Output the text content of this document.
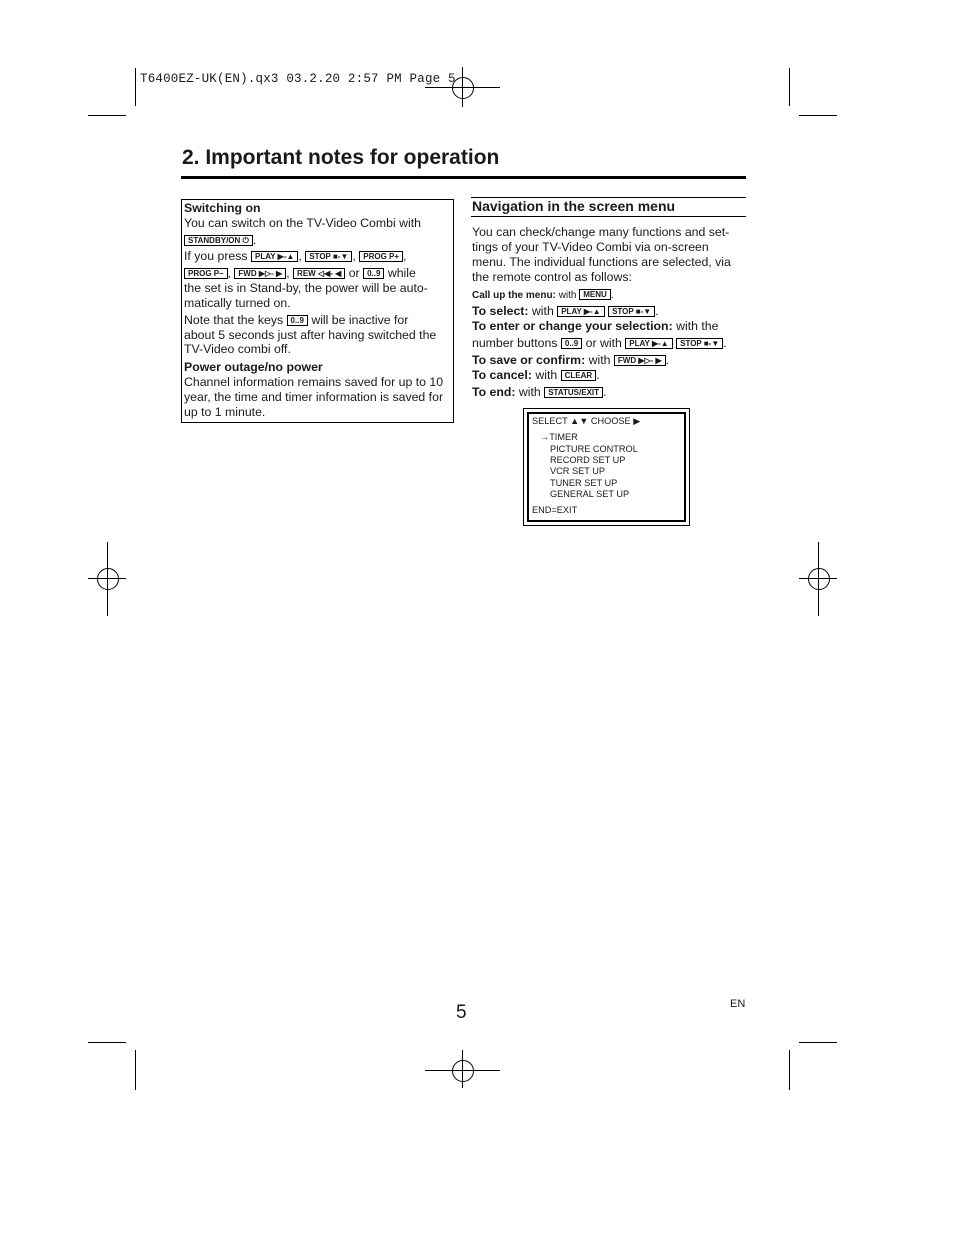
T6400EZ-UK(EN).qx3 03.2.20 2:57 PM Page 5
2. Important notes for operation
Switching on
You can switch on the TV-Video Combi with
STANDBY/ON ⏻ .
If you press PLAY ▶-▲ , STOP ■-▼ , PROG P+ ,
PROG P– , FWD ▶▷- ▶ , REW ◁◀- ◀ or 0..9 while
the set is in Stand-by, the power will be auto-
matically turned on.
Note that the keys 0..9 will be inactive for
about 5 seconds just after having switched the
TV-Video combi off.
Power outage/no power
Channel information remains saved for up to 10
year, the time and timer information is saved for
up to 1 minute.
Navigation in the screen menu
You can check/change many functions and set-
tings of your TV-Video Combi via on-screen
menu. The individual functions are selected, via
the remote control as follows:
Call up the menu: with MENU .
To select: with PLAY ▶-▲ STOP ■-▼ .
To enter or change your selection: with the
number buttons 0..9 or with PLAY ▶-▲ STOP ■-▼ .
To save or confirm: with FWD ▶▷- ▶ .
To cancel: with CLEAR .
To end: with STATUS/EXIT .
SELECT ▲▼ CHOOSE ▶
→TIMER
PICTURE CONTROL
RECORD SET UP
VCR SET UP
TUNER SET UP
GENERAL SET UP
END=EXIT
5	EN
